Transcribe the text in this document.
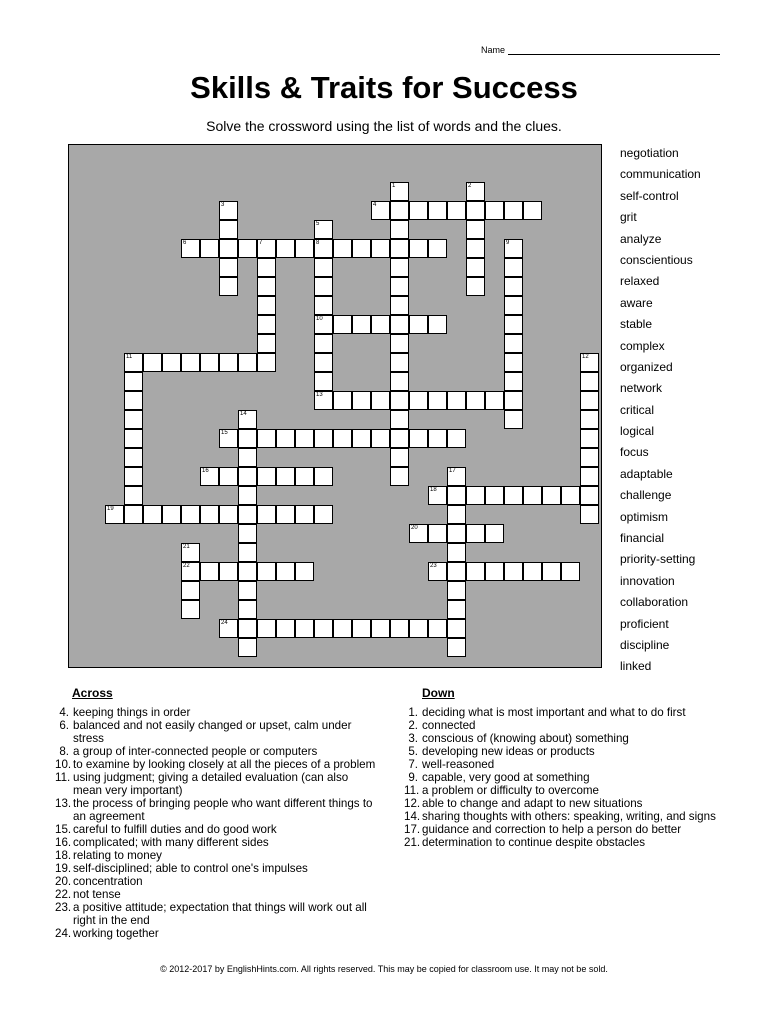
Name
Skills & Traits for Success
Solve the crossword using the list of words and the clues.
1	2
3	4
5
8
10
13
6	7	9
11	12
14
15
16	17
18
19
20
21
22	23
24
negotiation
communication
self-control
grit
analyze
conscientious
relaxed
aware
stable
complex
organized
network
critical
logical
focus
adaptable
challenge
optimism
financial
priority-setting
innovation
collaboration
proficient
discipline
linked
Across
4. keeping things in order
6. balanced and not easily changed or upset, calm under stress
8. a group of inter-connected people or computers
10. to examine by looking closely at all the pieces of a problem
11. using judgment; giving a detailed evaluation (can also mean very important)
13. the process of bringing people who want different things to an agreement
15. careful to fulfill duties and do good work
16. complicated; with many different sides
18. relating to money
19. self-disciplined; able to control one's impulses
20. concentration
22. not tense
23. a positive attitude; expectation that things will work out all right in the end
24. working together
Down
1. deciding what is most important and what to do first
2. connected
3. conscious of (knowing about) something
5. developing new ideas or products
7. well-reasoned
9. capable, very good at something
11. a problem or difficulty to overcome
12. able to change and adapt to new situations
14. sharing thoughts with others: speaking, writing, and signs
17. guidance and correction to help a person do better
21. determination to continue despite obstacles
© 2012-2017 by EnglishHints.com. All rights reserved. This may be copied for classroom use. It may not be sold.
